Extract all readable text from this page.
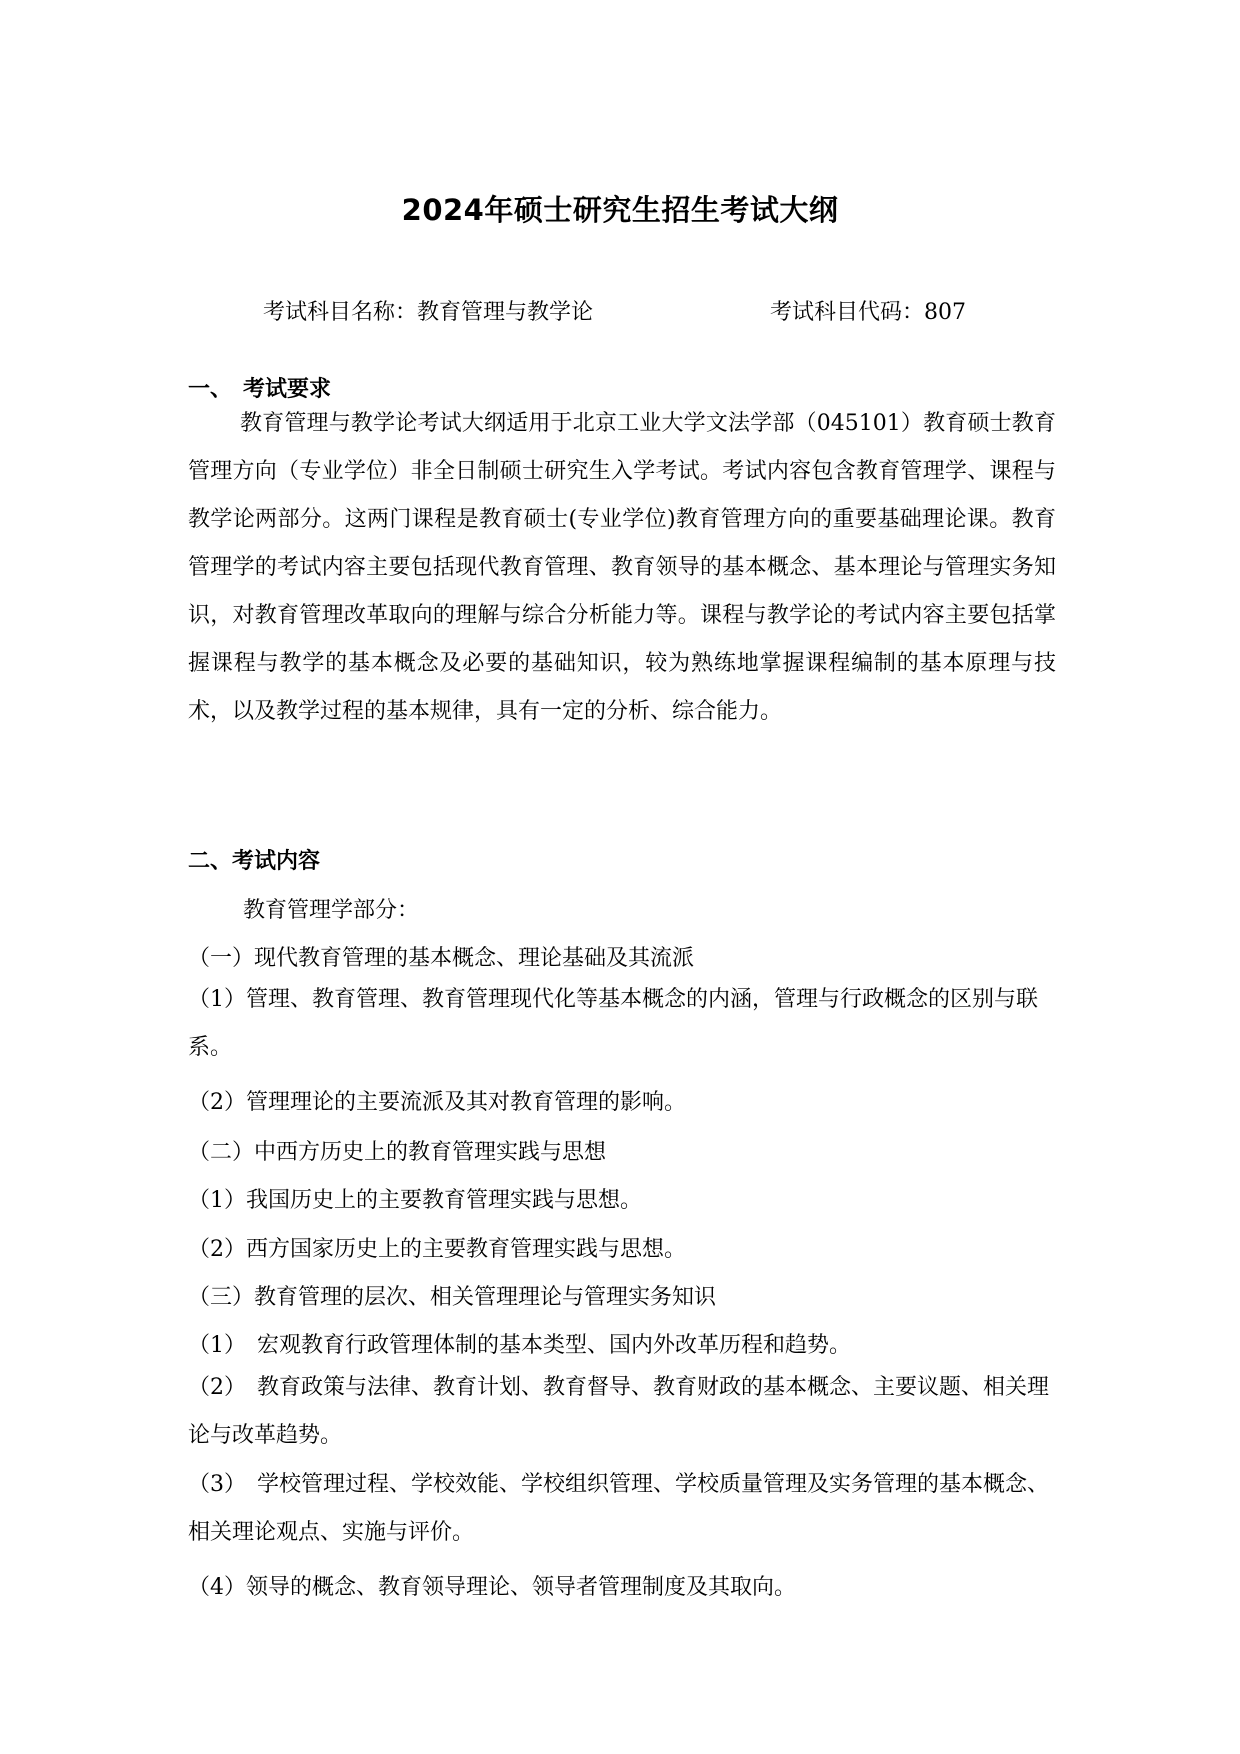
2024年硕士研究生招生考试大纲
考试科目名称：教育管理与教学论	考试科目代码：807
一、　考试要求

教育管理与教学论考试大纲适用于北京工业大学文法学部（045101）教育硕士教育管理方向（专业学位）非全日制硕士研究生入学考试。考试内容包含教育管理学、课程与教学论两部分。这两门课程是教育硕士(专业学位)教育管理方向的重要基础理论课。教育管理学的考试内容主要包括现代教育管理、教育领导的基本概念、基本理论与管理实务知识，对教育管理改革取向的理解与综合分析能力等。课程与教学论的考试内容主要包括掌握课程与教学的基本概念及必要的基础知识，较为熟练地掌握课程编制的基本原理与技术，以及教学过程的基本规律，具有一定的分析、综合能力。

二、考试内容
教育管理学部分：
（一）现代教育管理的基本概念、理论基础及其流派

（1）管理、教育管理、教育管理现代化等基本概念的内涵，管理与行政概念的区别与联系。

（2）管理理论的主要流派及其对教育管理的影响。
（二）中西方历史上的教育管理实践与思想
（1）我国历史上的主要教育管理实践与思想。
（2）西方国家历史上的主要教育管理实践与思想。
（三）教育管理的层次、相关管理理论与管理实务知识
（1）　宏观教育行政管理体制的基本类型、国内外改革历程和趋势。

（2）　教育政策与法律、教育计划、教育督导、教育财政的基本概念、主要议题、相关理论与改革趋势。

（3）　学校管理过程、学校效能、学校组织管理、学校质量管理及实务管理的基本概念、相关理论观点、实施与评价。

（4）领导的概念、教育领导理论、领导者管理制度及其取向。
